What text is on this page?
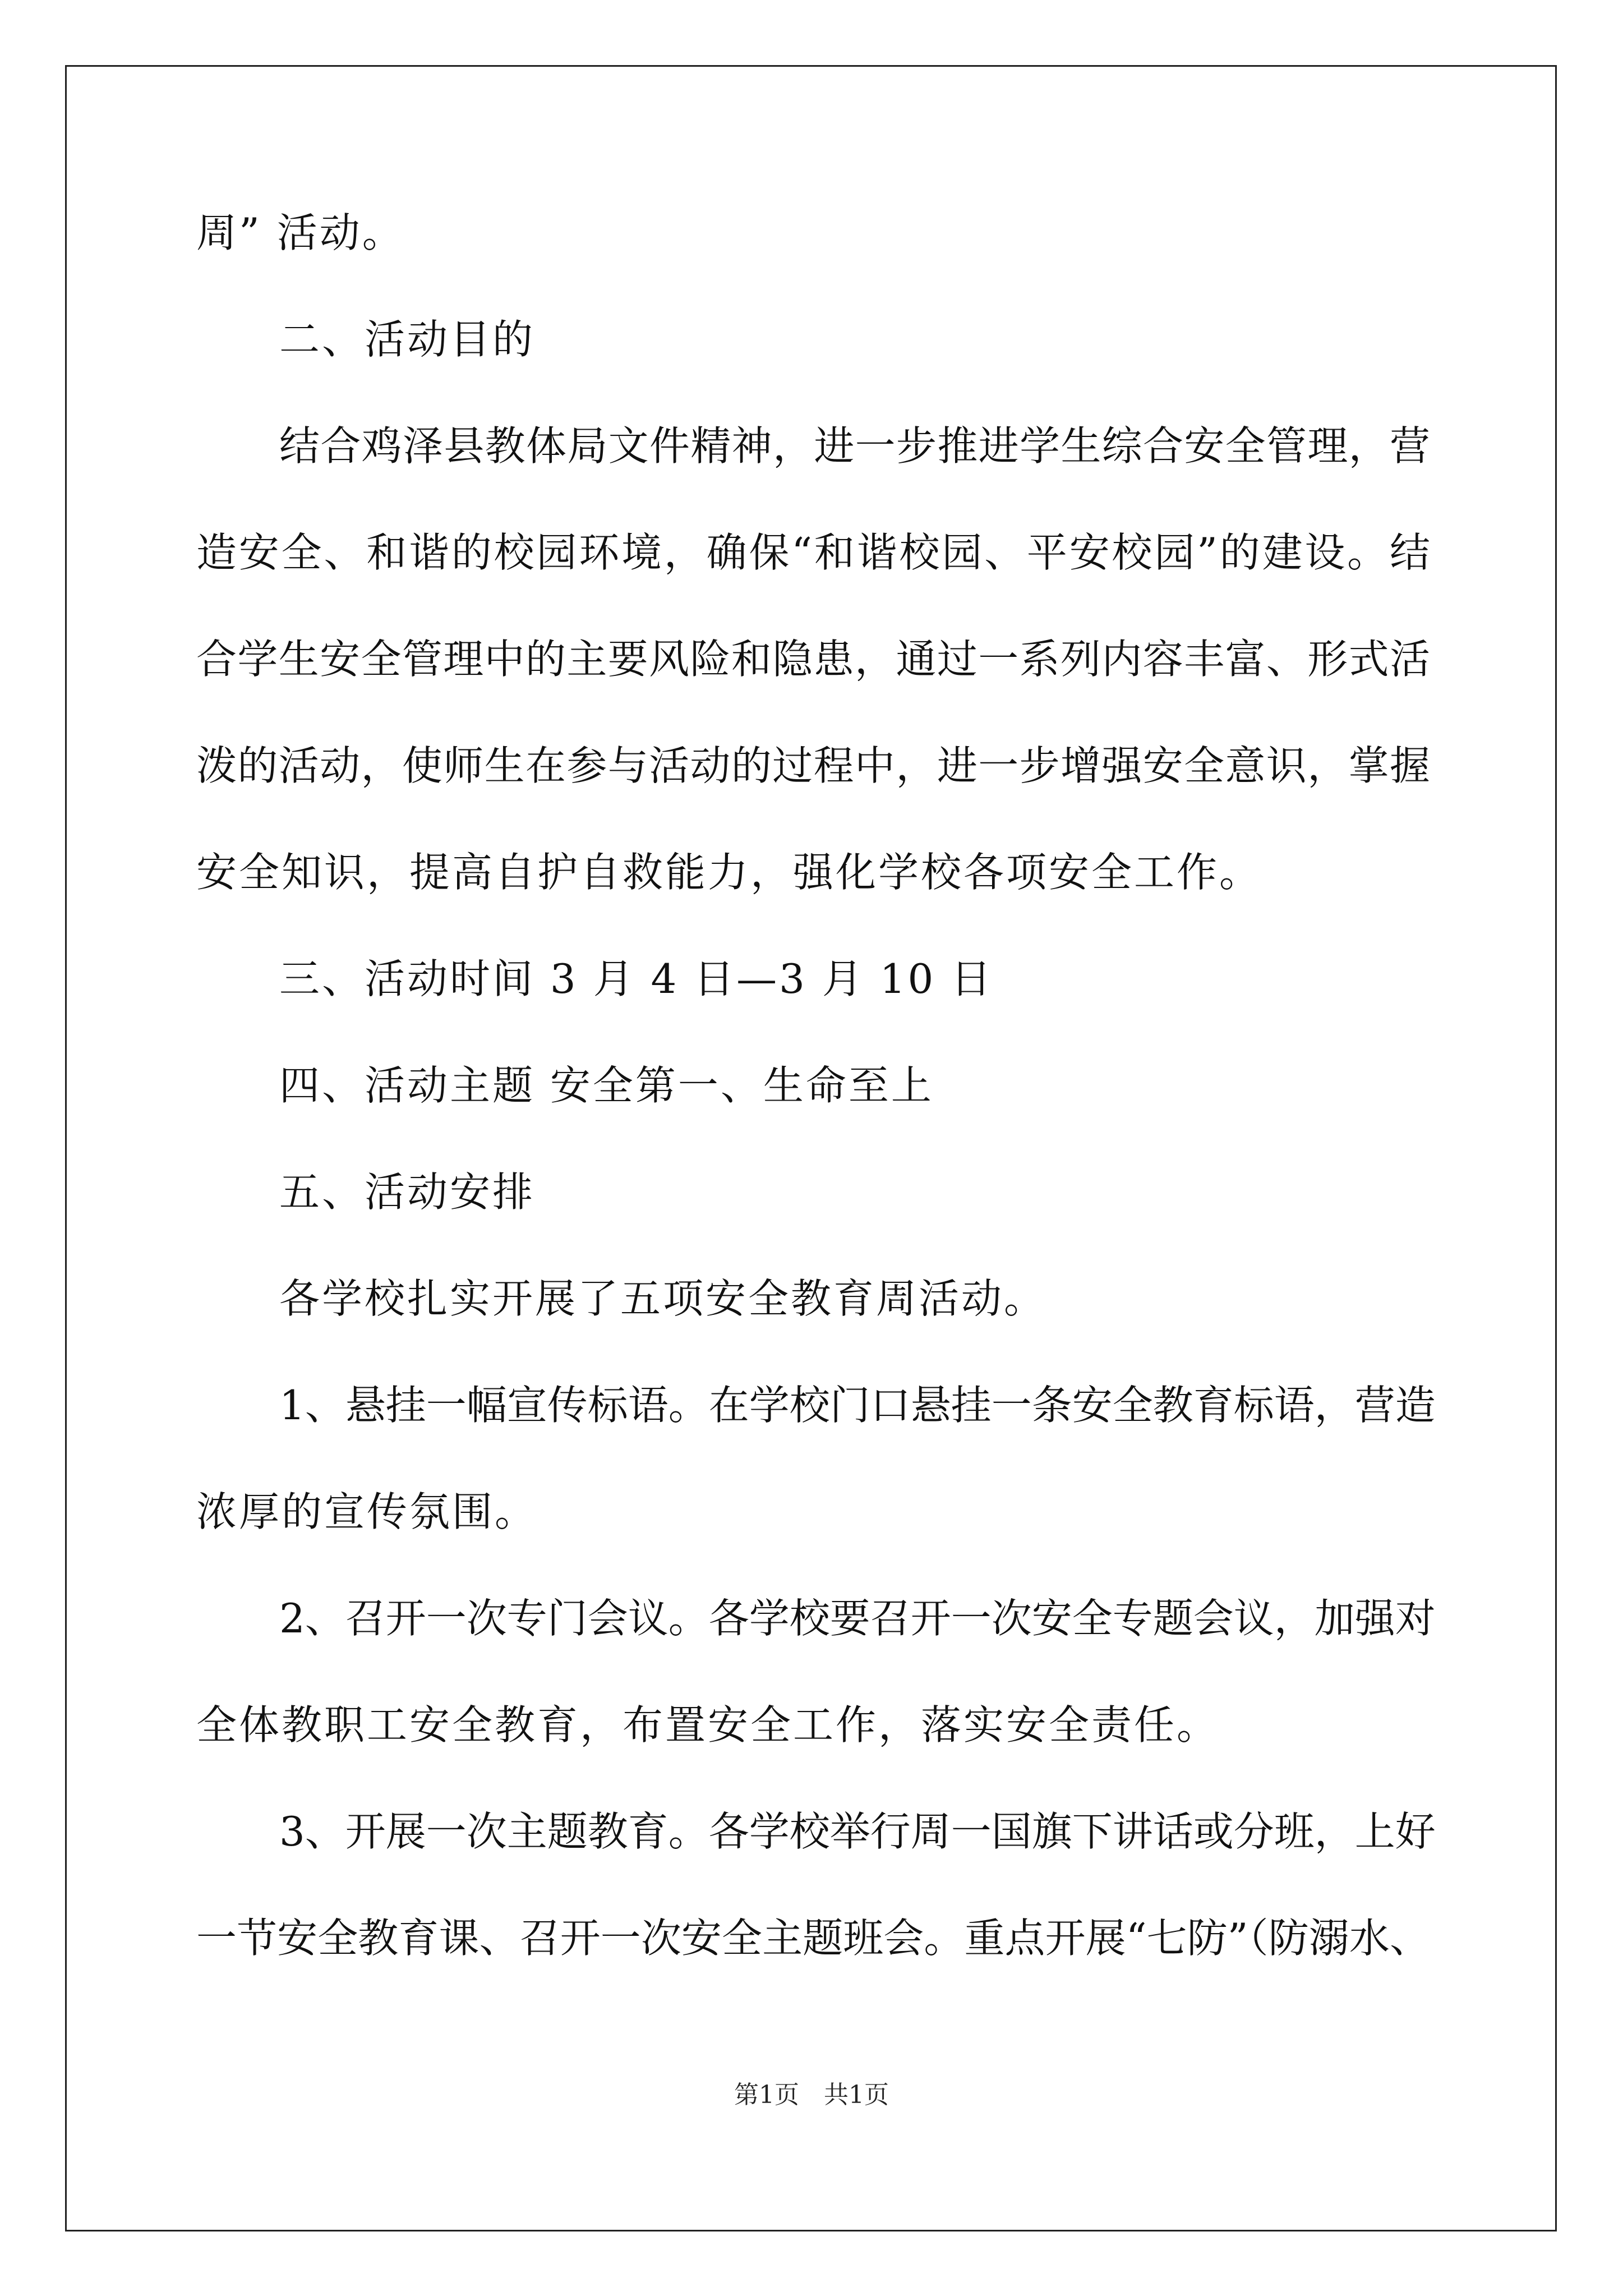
周” 活动。
二、活动目的
结合鸡泽县教体局文件精神，进一步推进学生综合安全管理，营
造安全、和谐的校园环境，确保“和谐校园、平安校园”的建设。结
合学生安全管理中的主要风险和隐患，通过一系列内容丰富、形式活
泼的活动，使师生在参与活动的过程中，进一步增强安全意识，掌握
安全知识，提高自护自救能力，强化学校各项安全工作。
三、活动时间 3 月 4 日—3 月 10 日
四、活动主题 安全第一、生命至上
五、活动安排
各学校扎实开展了五项安全教育周活动。
1、悬挂一幅宣传标语。在学校门口悬挂一条安全教育标语，营造
浓厚的宣传氛围。
2、召开一次专门会议。各学校要召开一次安全专题会议，加强对
全体教职工安全教育，布置安全工作，落实安全责任。
3、开展一次主题教育。各学校举行周一国旗下讲话或分班，上好
一节安全教育课、召开一次安全主题班会。重点开展“七防”（防溺水、
第1页　共1页
